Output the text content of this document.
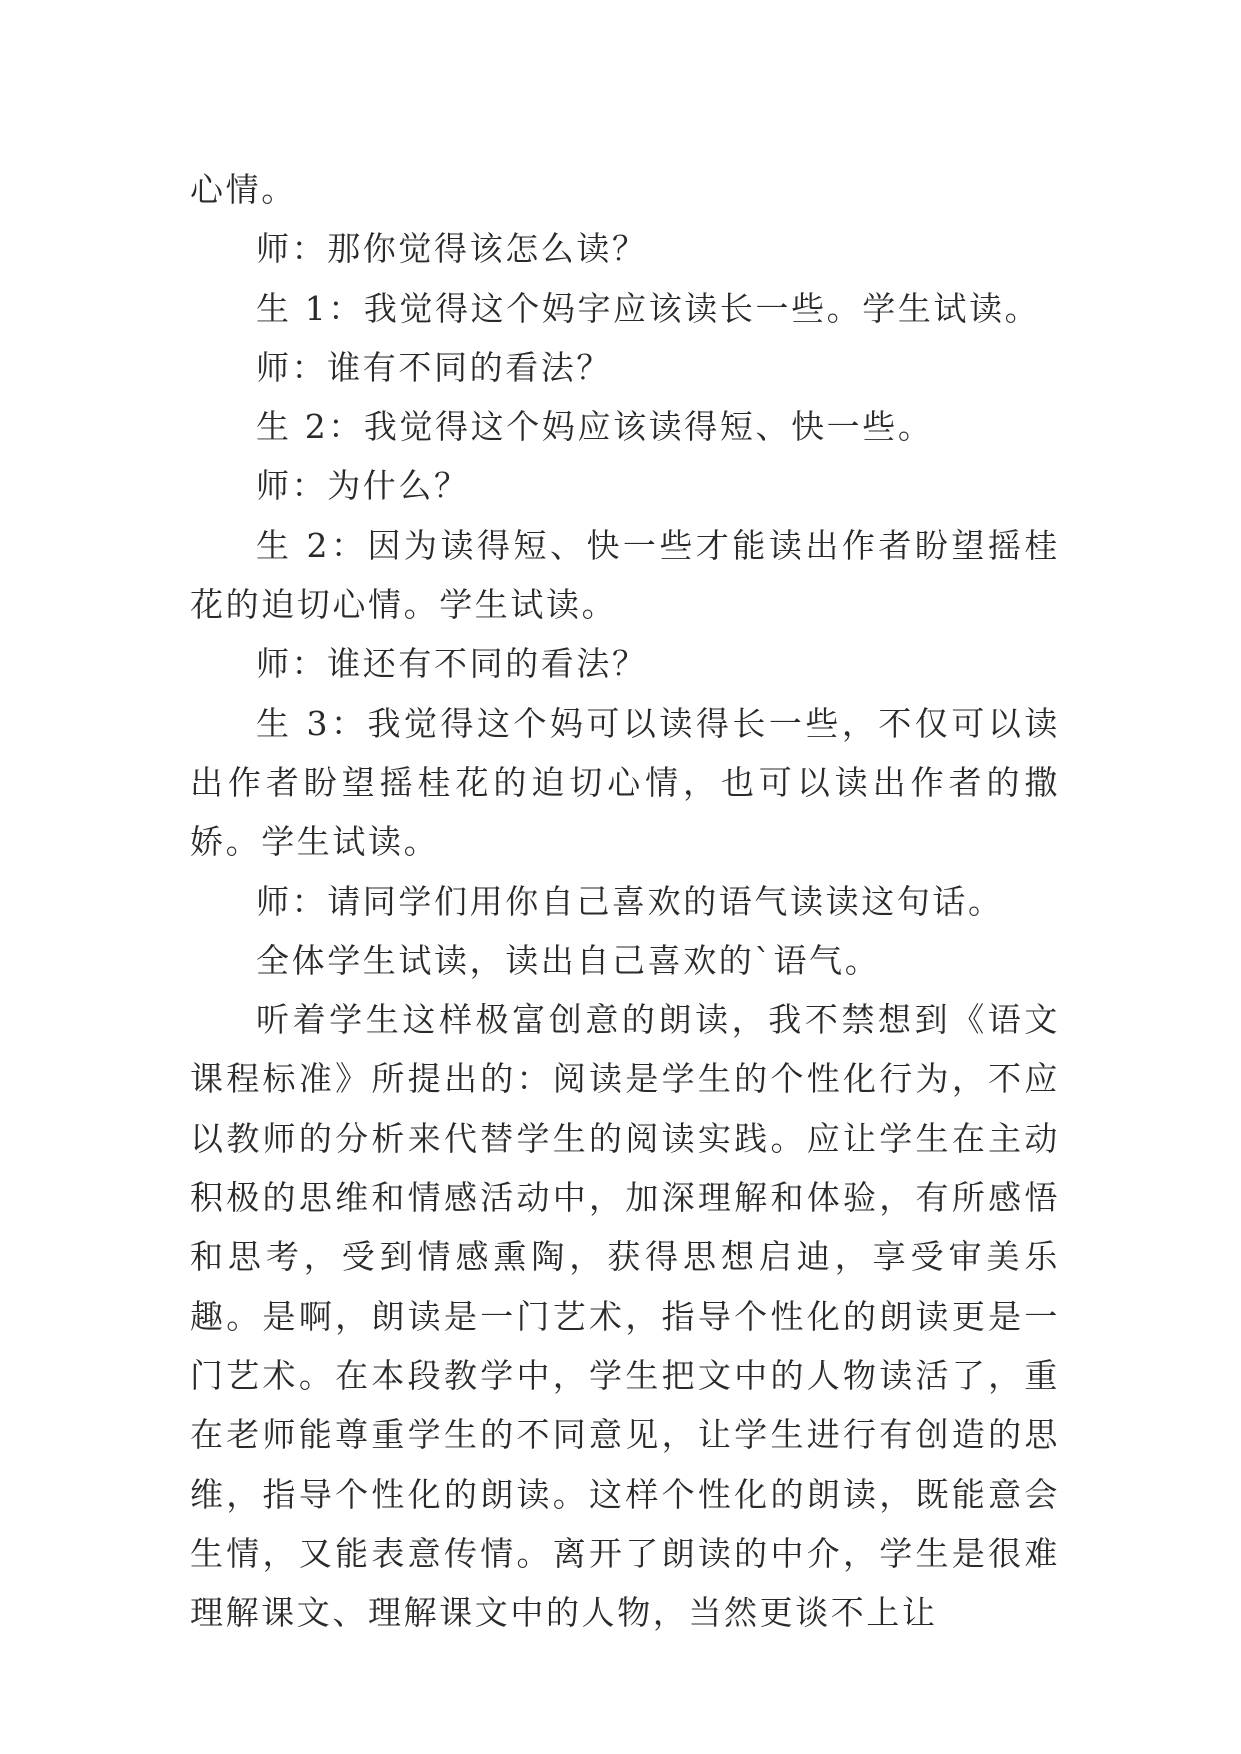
心情。

师：那你觉得该怎么读？

生 1：我觉得这个妈字应该读长一些。学生试读。

师：谁有不同的看法？

生 2：我觉得这个妈应该读得短、快一些。

师：为什么？

生 2：因为读得短、快一些才能读出作者盼望摇桂花的迫切心情。学生试读。

师：谁还有不同的看法？

生 3：我觉得这个妈可以读得长一些，不仅可以读出作者盼望摇桂花的迫切心情，也可以读出作者的撒娇。学生试读。

师：请同学们用你自己喜欢的语气读读这句话。

全体学生试读，读出自己喜欢的`语气。

听着学生这样极富创意的朗读，我不禁想到《语文课程标准》所提出的：阅读是学生的个性化行为，不应以教师的分析来代替学生的阅读实践。应让学生在主动积极的思维和情感活动中，加深理解和体验，有所感悟和思考，受到情感熏陶，获得思想启迪，享受审美乐趣。是啊，朗读是一门艺术，指导个性化的朗读更是一门艺术。在本段教学中，学生把文中的人物读活了，重在老师能尊重学生的不同意见，让学生进行有创造的思维，指导个性化的朗读。这样个性化的朗读，既能意会生情，又能表意传情。离开了朗读的中介，学生是很难理解课文、理解课文中的人物，当然更谈不上让
